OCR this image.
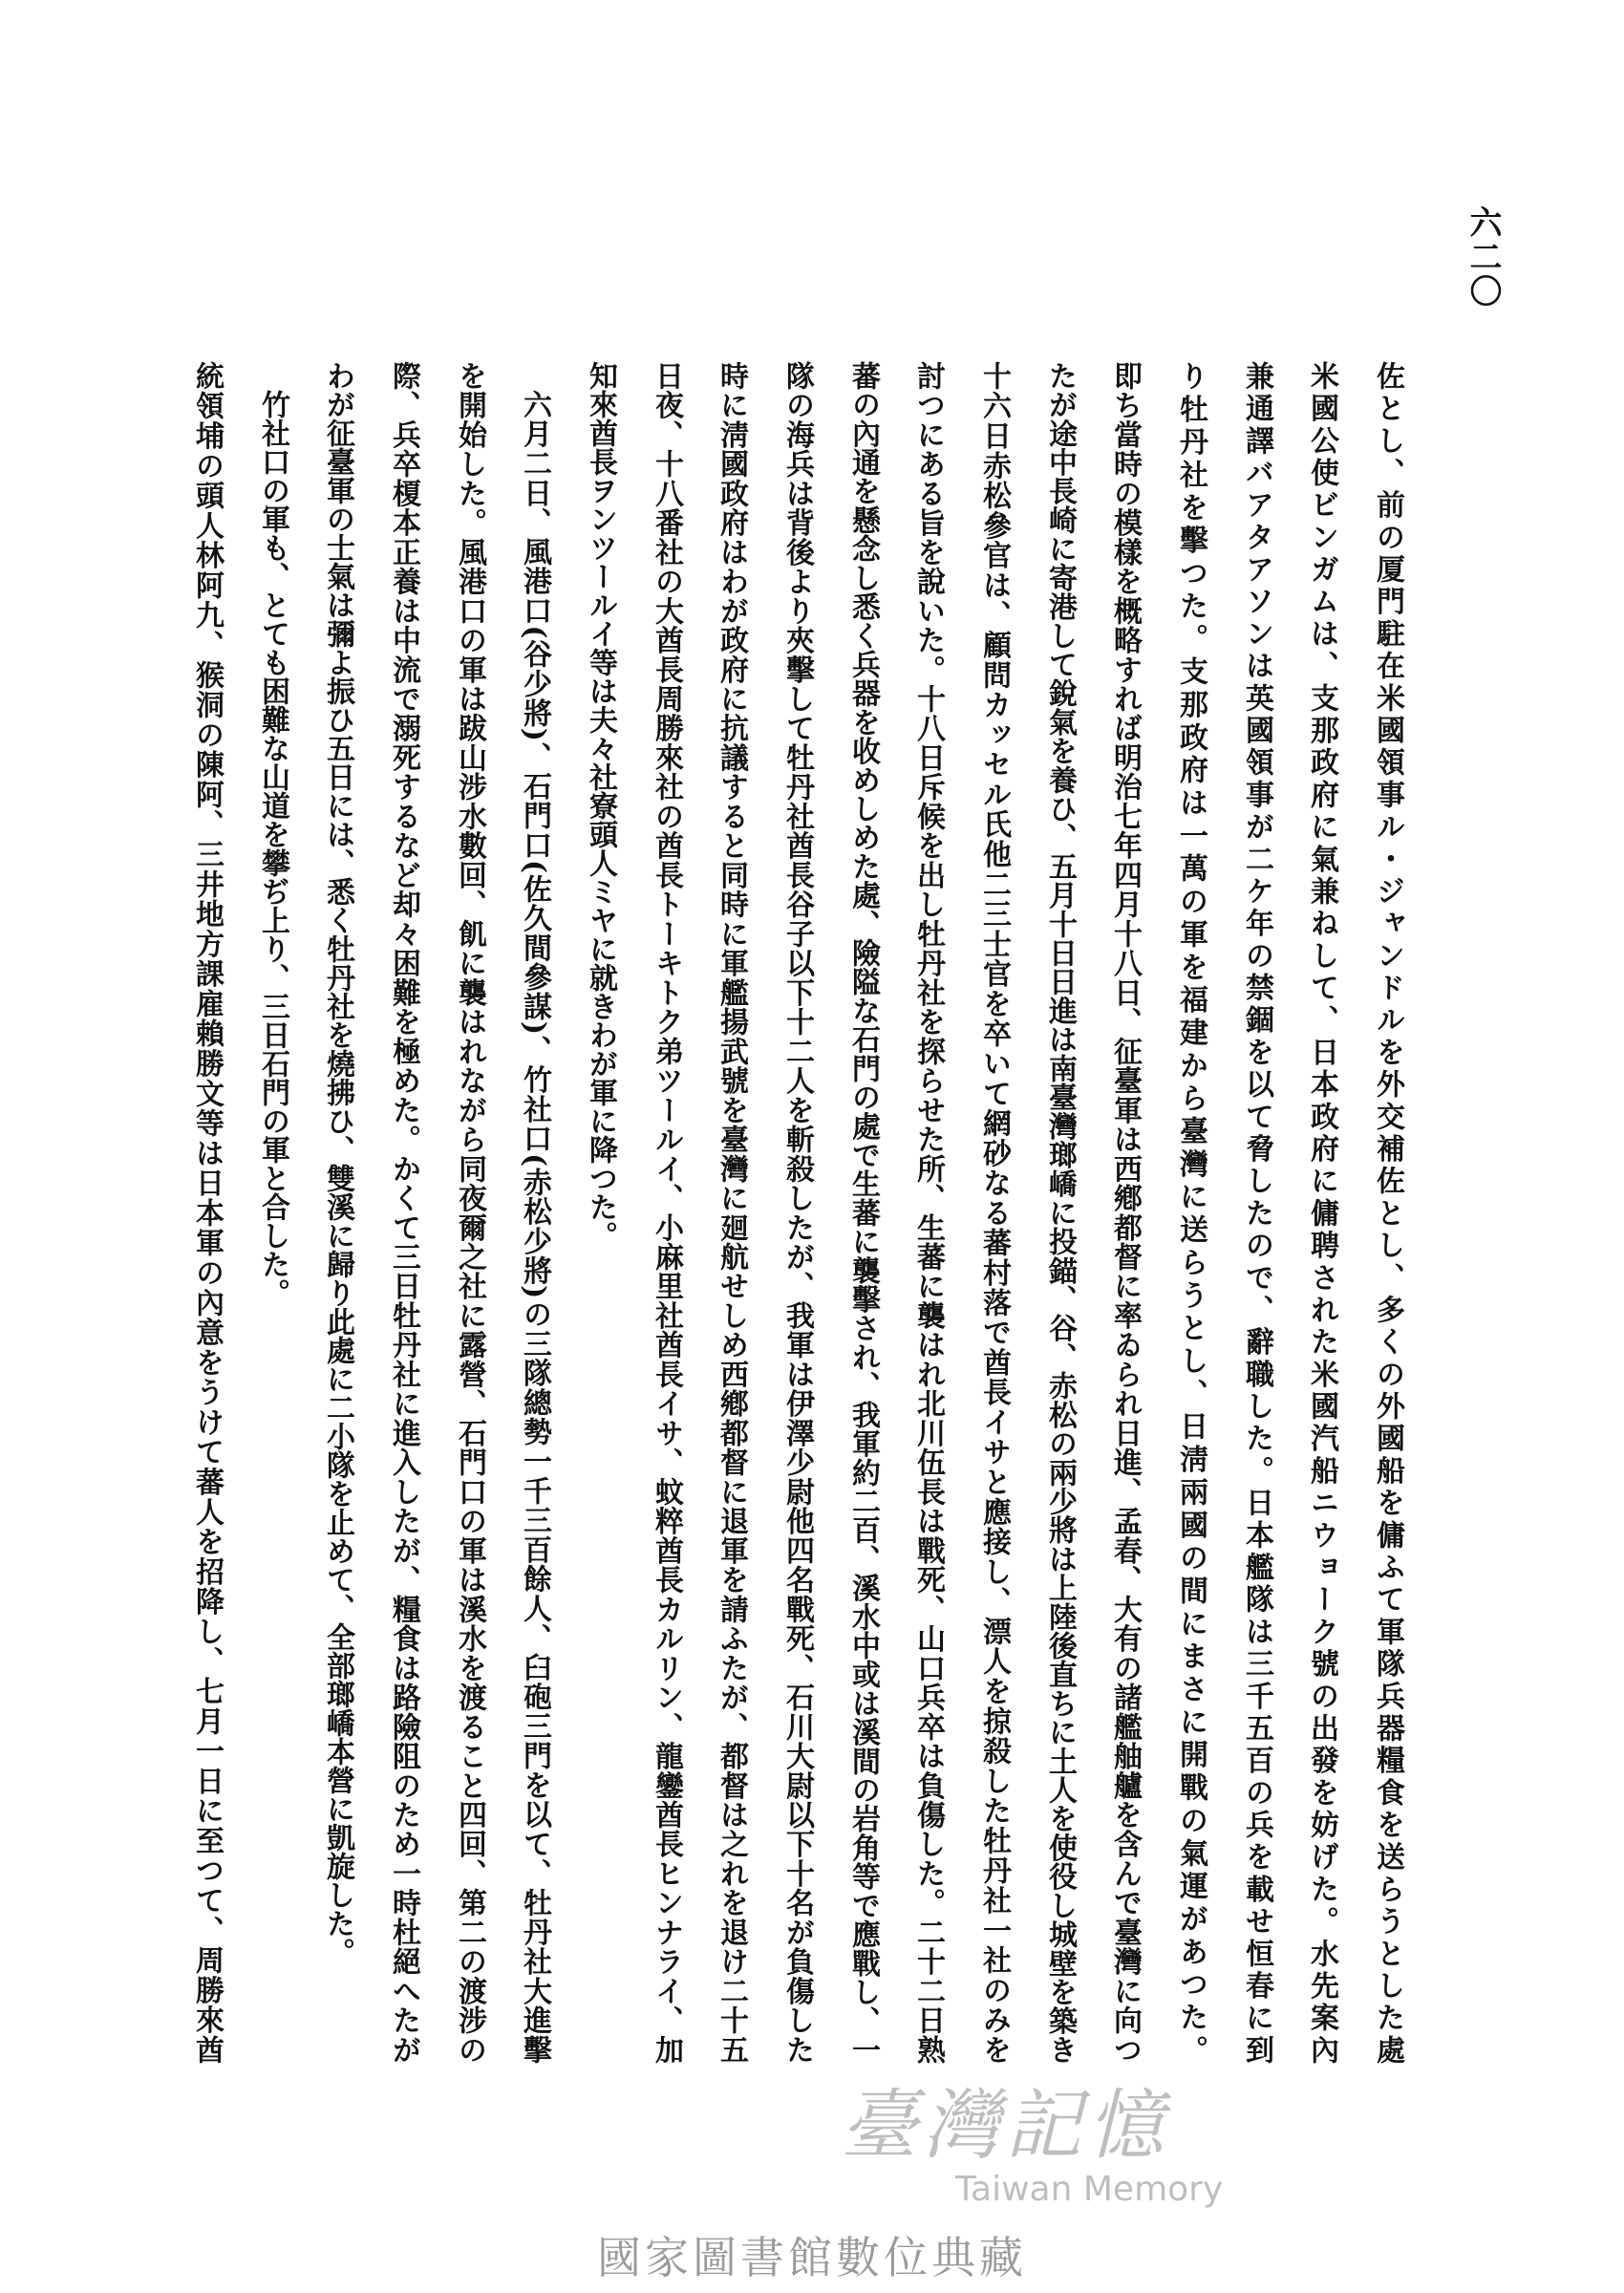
六二〇
佐とし、前の厦門駐在米國領事ル・ジャンドルを外交補佐とし、多くの外國船を傭ふて軍隊兵器糧食を送らうとした處
米國公使ビンガムは、支那政府に氣兼ねして、日本政府に傭聘された米國汽船ニウョーク號の出發を妨げた。水先案內
兼通譯バアタアソンは英國領事が二ケ年の禁錮を以て脅したので、辭職した。日本艦隊は三千五百の兵を載せ恒春に到
り牡丹社を擊つた。支那政府は一萬の軍を福建から臺灣に送らうとし、日淸兩國の間にまさに開戰の氣運があつた。
即ち當時の模樣を概略すれば明治七年四月十八日、征臺軍は西鄕都督に率ゐられ日進、孟春、大有の諸艦舳艫を含んで臺灣に向つ
たが途中長崎に寄港して銳氣を養ひ、五月十日日進は南臺灣瑯嶠に投錨、谷、赤松の兩少將は上陸後直ちに土人を使役し城壁を築き
十六日赤松參官は、顧問カッセル氏他二三士官を卒いて網砂なる蕃村落で酋長イサと應接し、漂人を掠殺した牡丹社一社のみを
討つにある旨を說いた。十八日斥候を出し牡丹社を探らせた所、生蕃に襲はれ北川伍長は戰死、山口兵卒は負傷した。二十二日熟
蕃の內通を懸念し悉く兵器を收めしめた處、險隘な石門の處で生蕃に襲擊され、我軍約二百、溪水中或は溪間の岩角等で應戰し、一
隊の海兵は背後より夾擊して牡丹社酋長谷子以下十二人を斬殺したが、我軍は伊澤少尉他四名戰死、石川大尉以下十名が負傷した
時に淸國政府はわが政府に抗議すると同時に軍艦揚武號を臺灣に廻航せしめ西鄕都督に退軍を請ふたが、都督は之れを退け二十五
日夜、十八番社の大酋長周勝來社の酋長トーキトク弟ツールイ、小麻里社酋長イサ、蚊粹酋長カルリン、龍鑾酋長ヒンナライ、加
知來酋長ヲンツールイ等は夫々社寮頭人ミヤに就きわが軍に降つた。
六月二日、風港口(谷少將)、石門口(佐久間參謀)、竹社口(赤松少將)の三隊總勢一千三百餘人、臼砲三門を以て、牡丹社大進擊
を開始した。風港口の軍は跋山涉水數回、飢に襲はれながら同夜爾之社に露營、石門口の軍は溪水を渡ること四回、第二の渡涉の
際、兵卒榎本正養は中流で溺死するなど却々困難を極めた。かくて三日牡丹社に進入したが、糧食は路險阻のため一時杜絕へたが
わが征臺軍の士氣は彌よ振ひ五日には、悉く牡丹社を燒拂ひ、雙溪に歸り此處に二小隊を止めて、全部瑯嶠本營に凱旋した。
竹社口の軍も、とても困難な山道を攀ぢ上り、三日石門の軍と合した。
統領埔の頭人林阿九、猴洞の陳阿、三井地方課雇賴勝文等は日本軍の內意をうけて蕃人を招降し、七月一日に至つて、周勝來酋
臺灣記憶
Taiwan Memory
國家圖書館數位典藏
